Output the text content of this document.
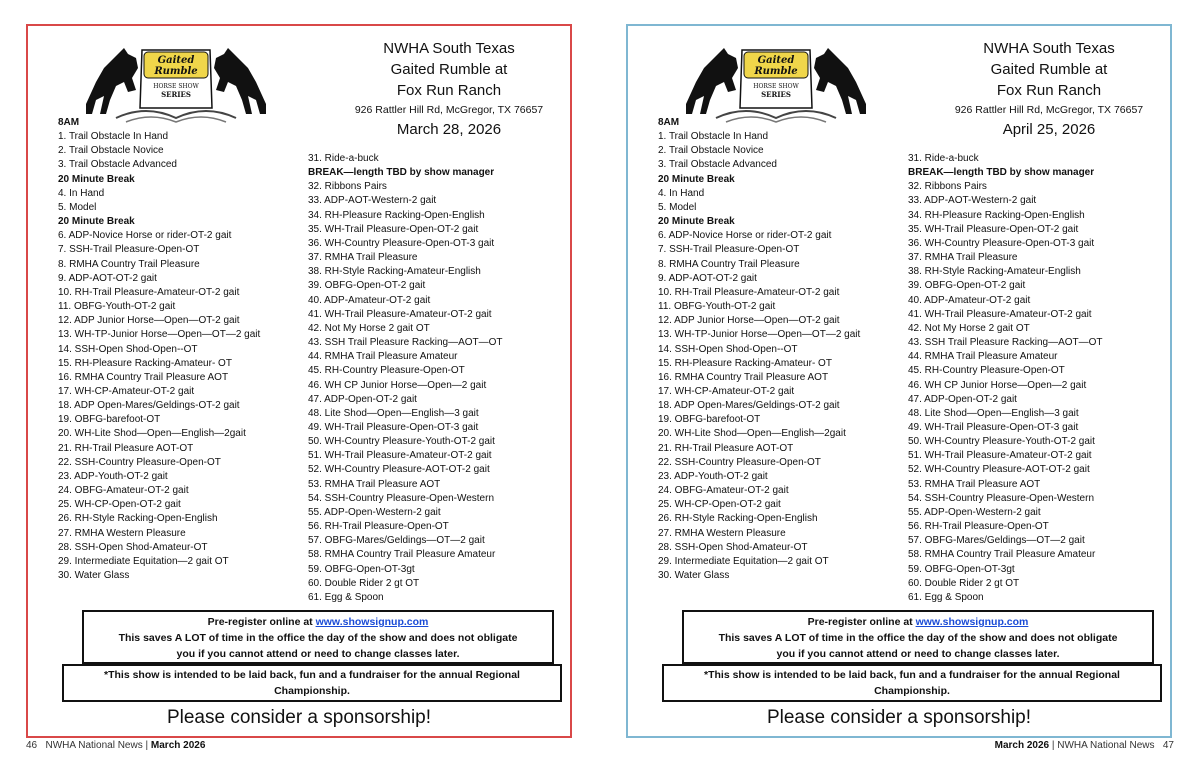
Gaited
Rumble
HORSE SHOW
SERIES
NWHA South Texas
Gaited Rumble at
Fox Run Ranch
926 Rattler Hill Rd, McGregor, TX 76657
March 28, 2026
8AM
1. Trail Obstacle In Hand
2. Trail Obstacle Novice
3. Trail Obstacle Advanced
20 Minute Break
4. In Hand
5. Model
20 Minute Break
6. ADP-Novice Horse or rider-OT-2 gait
7. SSH-Trail Pleasure-Open-OT
8. RMHA Country Trail Pleasure
9. ADP-AOT-OT-2 gait
10. RH-Trail Pleasure-Amateur-OT-2 gait
11. OBFG-Youth-OT-2 gait
12. ADP Junior Horse—Open—OT-2 gait
13. WH-TP-Junior Horse—Open—OT—2 gait
14. SSH-Open Shod-Open--OT
15. RH-Pleasure Racking-Amateur- OT
16. RMHA Country Trail Pleasure AOT
17. WH-CP-Amateur-OT-2 gait
18. ADP Open-Mares/Geldings-OT-2 gait
19. OBFG-barefoot-OT
20. WH-Lite Shod—Open—English—2gait
21. RH-Trail Pleasure AOT-OT
22. SSH-Country Pleasure-Open-OT
23. ADP-Youth-OT-2 gait
24. OBFG-Amateur-OT-2 gait
25. WH-CP-Open-OT-2 gait
26. RH-Style Racking-Open-English
27. RMHA Western Pleasure
28. SSH-Open Shod-Amateur-OT
29. Intermediate Equitation—2 gait OT
30. Water Glass
31. Ride-a-buck
BREAK—length TBD by show manager
32. Ribbons Pairs
33. ADP-AOT-Western-2 gait
34. RH-Pleasure Racking-Open-English
35. WH-Trail Pleasure-Open-OT-2 gait
36. WH-Country Pleasure-Open-OT-3 gait
37. RMHA Trail Pleasure
38. RH-Style Racking-Amateur-English
39. OBFG-Open-OT-2 gait
40. ADP-Amateur-OT-2 gait
41. WH-Trail Pleasure-Amateur-OT-2 gait
42. Not My Horse 2 gait OT
43. SSH Trail Pleasure Racking—AOT—OT
44. RMHA Trail Pleasure Amateur
45. RH-Country Pleasure-Open-OT
46. WH CP Junior Horse—Open—2 gait
47. ADP-Open-OT-2 gait
48. Lite Shod—Open—English—3 gait
49. WH-Trail Pleasure-Open-OT-3 gait
50. WH-Country Pleasure-Youth-OT-2 gait
51. WH-Trail Pleasure-Amateur-OT-2 gait
52. WH-Country Pleasure-AOT-OT-2 gait
53. RMHA Trail Pleasure AOT
54. SSH-Country Pleasure-Open-Western
55. ADP-Open-Western-2 gait
56. RH-Trail Pleasure-Open-OT
57. OBFG-Mares/Geldings—OT—2 gait
58. RMHA Country Trail Pleasure Amateur
59. OBFG-Open-OT-3gt
60. Double Rider 2 gt OT
61. Egg & Spoon
Pre-register online at www.showsignup.com
This saves A LOT of time in the office the day of the show and does not obligate
you if you cannot attend or need to change classes later.
*This show is intended to be laid back, fun and a fundraiser for the annual Regional Championship.
Please consider a sponsorship!
Gaited
Rumble
HORSE SHOW
SERIES
NWHA South Texas
Gaited Rumble at
Fox Run Ranch
926 Rattler Hill Rd, McGregor, TX 76657
April 25, 2026
8AM
1. Trail Obstacle In Hand
2. Trail Obstacle Novice
3. Trail Obstacle Advanced
20 Minute Break
4. In Hand
5. Model
20 Minute Break
6. ADP-Novice Horse or rider-OT-2 gait
7. SSH-Trail Pleasure-Open-OT
8. RMHA Country Trail Pleasure
9. ADP-AOT-OT-2 gait
10. RH-Trail Pleasure-Amateur-OT-2 gait
11. OBFG-Youth-OT-2 gait
12. ADP Junior Horse—Open—OT-2 gait
13. WH-TP-Junior Horse—Open—OT—2 gait
14. SSH-Open Shod-Open--OT
15. RH-Pleasure Racking-Amateur- OT
16. RMHA Country Trail Pleasure AOT
17. WH-CP-Amateur-OT-2 gait
18. ADP Open-Mares/Geldings-OT-2 gait
19. OBFG-barefoot-OT
20. WH-Lite Shod—Open—English—2gait
21. RH-Trail Pleasure AOT-OT
22. SSH-Country Pleasure-Open-OT
23. ADP-Youth-OT-2 gait
24. OBFG-Amateur-OT-2 gait
25. WH-CP-Open-OT-2 gait
26. RH-Style Racking-Open-English
27. RMHA Western Pleasure
28. SSH-Open Shod-Amateur-OT
29. Intermediate Equitation—2 gait OT
30. Water Glass
31. Ride-a-buck
BREAK—length TBD by show manager
32. Ribbons Pairs
33. ADP-AOT-Western-2 gait
34. RH-Pleasure Racking-Open-English
35. WH-Trail Pleasure-Open-OT-2 gait
36. WH-Country Pleasure-Open-OT-3 gait
37. RMHA Trail Pleasure
38. RH-Style Racking-Amateur-English
39. OBFG-Open-OT-2 gait
40. ADP-Amateur-OT-2 gait
41. WH-Trail Pleasure-Amateur-OT-2 gait
42. Not My Horse 2 gait OT
43. SSH Trail Pleasure Racking—AOT—OT
44. RMHA Trail Pleasure Amateur
45. RH-Country Pleasure-Open-OT
46. WH CP Junior Horse—Open—2 gait
47. ADP-Open-OT-2 gait
48. Lite Shod—Open—English—3 gait
49. WH-Trail Pleasure-Open-OT-3 gait
50. WH-Country Pleasure-Youth-OT-2 gait
51. WH-Trail Pleasure-Amateur-OT-2 gait
52. WH-Country Pleasure-AOT-OT-2 gait
53. RMHA Trail Pleasure AOT
54. SSH-Country Pleasure-Open-Western
55. ADP-Open-Western-2 gait
56. RH-Trail Pleasure-Open-OT
57. OBFG-Mares/Geldings—OT—2 gait
58. RMHA Country Trail Pleasure Amateur
59. OBFG-Open-OT-3gt
60. Double Rider 2 gt OT
61. Egg & Spoon
Pre-register online at www.showsignup.com
This saves A LOT of time in the office the day of the show and does not obligate
you if you cannot attend or need to change classes later.
*This show is intended to be laid back, fun and a fundraiser for the annual Regional Championship.
Please consider a sponsorship!
46 NWHA National News | March 2026	March 2026 | NWHA National News 47
